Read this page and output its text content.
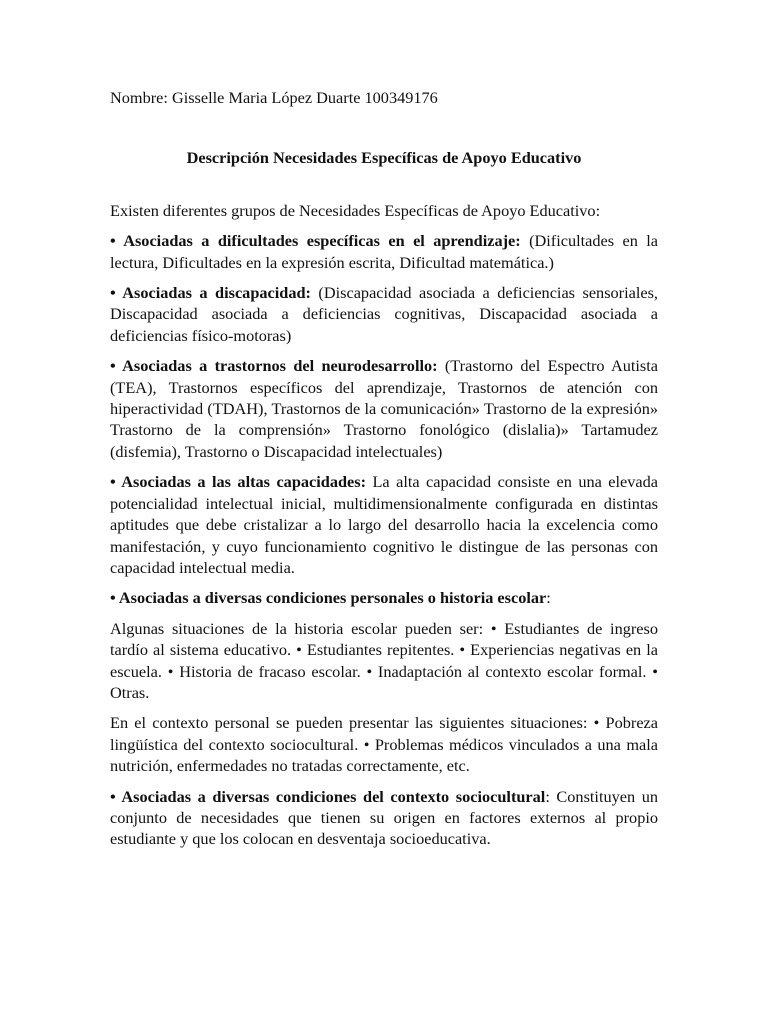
Nombre: Gisselle Maria López Duarte 100349176

Descripción Necesidades Específicas de Apoyo Educativo

Existen diferentes grupos de Necesidades Específicas de Apoyo Educativo:

• Asociadas a dificultades específicas en el aprendizaje: (Dificultades en la lectura, Dificultades en la expresión escrita, Dificultad matemática.)

• Asociadas a discapacidad: (Discapacidad asociada a deficiencias sensoriales, Discapacidad asociada a deficiencias cognitivas, Discapacidad asociada a deficiencias físico-motoras)

• Asociadas a trastornos del neurodesarrollo: (Trastorno del Espectro Autista (TEA), Trastornos específicos del aprendizaje, Trastornos de atención con hiperactividad (TDAH), Trastornos de la comunicación» Trastorno de la expresión» Trastorno de la comprensión» Trastorno fonológico (dislalia)» Tartamudez (disfemia), Trastorno o Discapacidad intelectuales)

• Asociadas a las altas capacidades: La alta capacidad consiste en una elevada potencialidad intelectual inicial, multidimensionalmente configurada en distintas aptitudes que debe cristalizar a lo largo del desarrollo hacia la excelencia como manifestación, y cuyo funcionamiento cognitivo le distingue de las personas con capacidad intelectual media.

• Asociadas a diversas condiciones personales o historia escolar:

Algunas situaciones de la historia escolar pueden ser: • Estudiantes de ingreso tardío al sistema educativo. • Estudiantes repitentes. • Experiencias negativas en la escuela. • Historia de fracaso escolar. • Inadaptación al contexto escolar formal. • Otras.

En el contexto personal se pueden presentar las siguientes situaciones: • Pobreza lingüística del contexto sociocultural. • Problemas médicos vinculados a una mala nutrición, enfermedades no tratadas correctamente, etc.

• Asociadas a diversas condiciones del contexto sociocultural: Constituyen un conjunto de necesidades que tienen su origen en factores externos al propio estudiante y que los colocan en desventaja socioeducativa.
